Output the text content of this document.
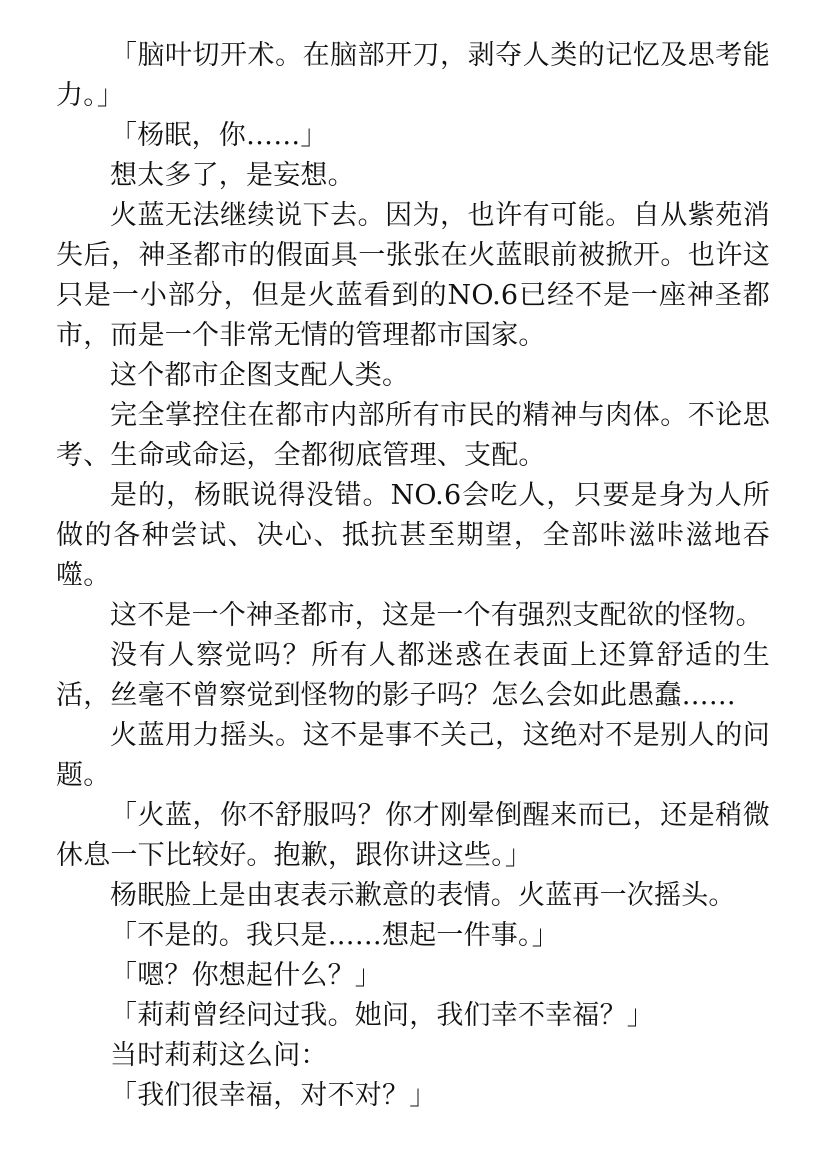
「脑叶切开术。在脑部开刀，剥夺人类的记忆及思考能力。」

「杨眠，你……」

想太多了，是妄想。

火蓝无法继续说下去。因为，也许有可能。自从紫苑消失后，神圣都市的假面具一张张在火蓝眼前被掀开。也许这只是一小部分，但是火蓝看到的NO.6已经不是一座神圣都市，而是一个非常无情的管理都市国家。

这个都市企图支配人类。

完全掌控住在都市内部所有市民的精神与肉体。不论思考、生命或命运，全都彻底管理、支配。

是的，杨眠说得没错。NO.6会吃人，只要是身为人所做的各种尝试、决心、抵抗甚至期望，全部咔滋咔滋地吞噬。

这不是一个神圣都市，这是一个有强烈支配欲的怪物。

没有人察觉吗？所有人都迷惑在表面上还算舒适的生活，丝毫不曾察觉到怪物的影子吗？怎么会如此愚蠢……

火蓝用力摇头。这不是事不关己，这绝对不是别人的问题。

「火蓝，你不舒服吗？你才刚晕倒醒来而已，还是稍微休息一下比较好。抱歉，跟你讲这些。」

杨眠脸上是由衷表示歉意的表情。火蓝再一次摇头。

「不是的。我只是……想起一件事。」

「嗯？你想起什么？」

「莉莉曾经问过我。她问，我们幸不幸福？」

当时莉莉这么问：

「我们很幸福，对不对？」
